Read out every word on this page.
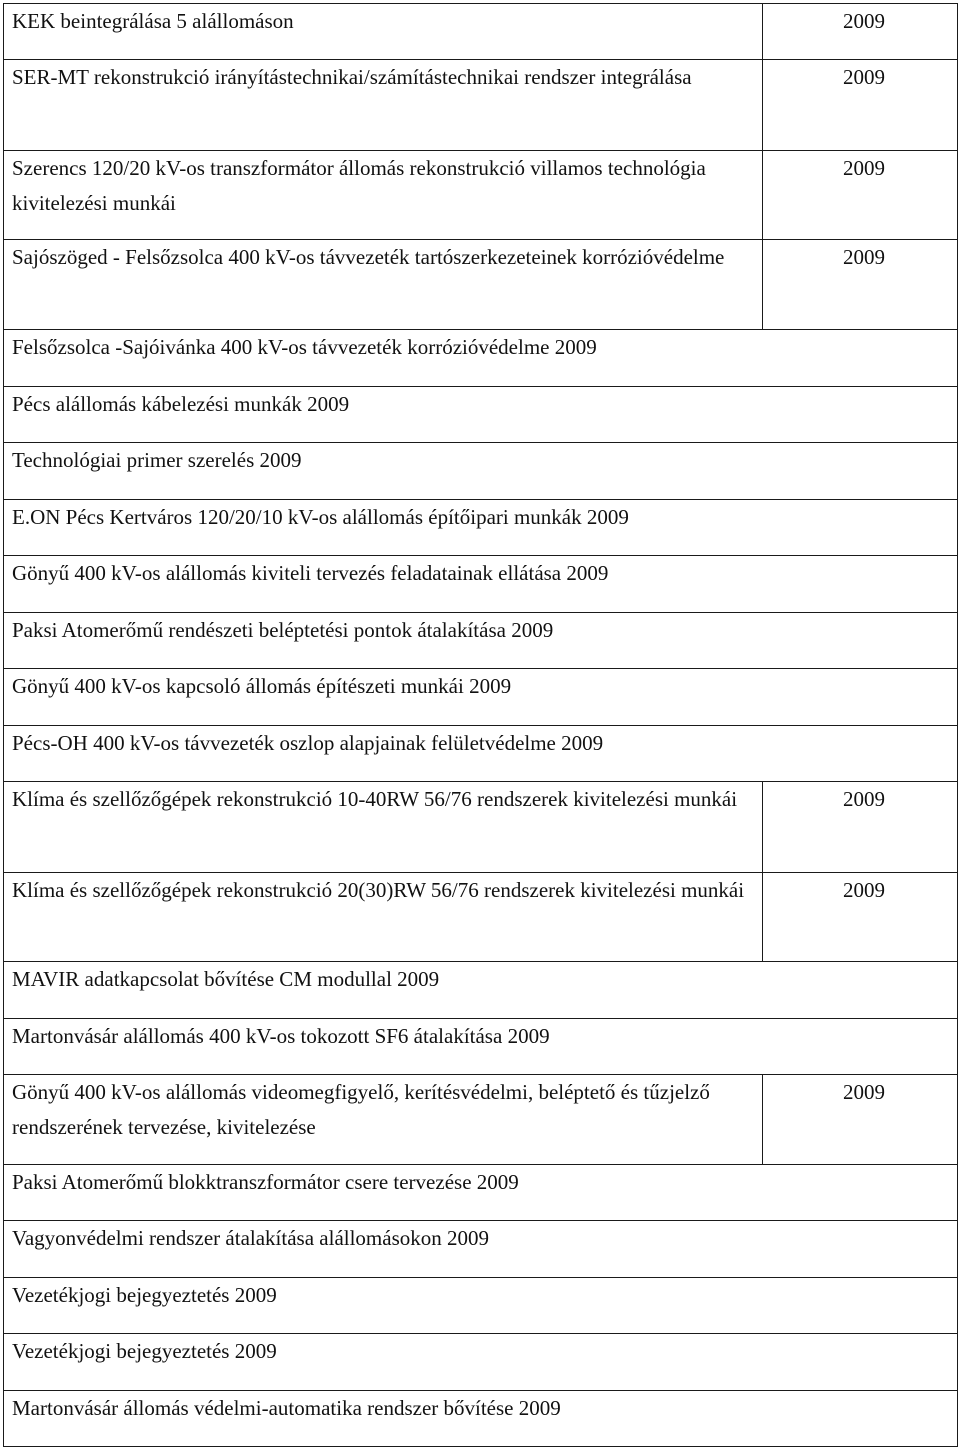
KEK beintegrálása 5 alállomáson	2009
SER-MT rekonstrukció irányítástechnikai/számítástechnikai rendszer integrálása	2009
Szerencs 120/20 kV-os transzformátor állomás rekonstrukció villamos technológia kivitelezési munkái	2009
Sajószöged - Felsőzsolca 400 kV-os távvezeték tartószerkezeteinek korrózióvédelme	2009
Felsőzsolca -Sajóivánka 400 kV-os távvezeték korrózióvédelme 2009	
Pécs alállomás kábelezési munkák 2009	
Technológiai primer szerelés 2009	
E.ON Pécs Kertváros 120/20/10 kV-os alállomás építőipari munkák 2009	
Gönyű 400 kV-os alállomás kiviteli tervezés feladatainak ellátása 2009	
Paksi Atomerőmű rendészeti beléptetési pontok átalakítása 2009	
Gönyű 400 kV-os kapcsoló állomás építészeti munkái 2009	
Pécs-OH 400 kV-os távvezeték oszlop alapjainak felületvédelme 2009	
Klíma és szellőzőgépek rekonstrukció 10-40RW 56/76 rendszerek kivitelezési munkái	2009
Klíma és szellőzőgépek rekonstrukció 20(30)RW 56/76 rendszerek kivitelezési munkái	2009
MAVIR adatkapcsolat bővítése CM modullal 2009	
Martonvásár alállomás 400 kV-os tokozott SF6 átalakítása 2009	
Gönyű 400 kV-os alállomás videomegfigyelő, kerítésvédelmi, beléptető és tűzjelző rendszerének tervezése, kivitelezése	2009
Paksi Atomerőmű blokktranszformátor csere tervezése 2009	
Vagyonvédelmi rendszer átalakítása alállomásokon 2009	
Vezetékjogi bejegyeztetés 2009	
Vezetékjogi bejegyeztetés 2009	
Martonvásár állomás védelmi-automatika rendszer bővítése 2009	
